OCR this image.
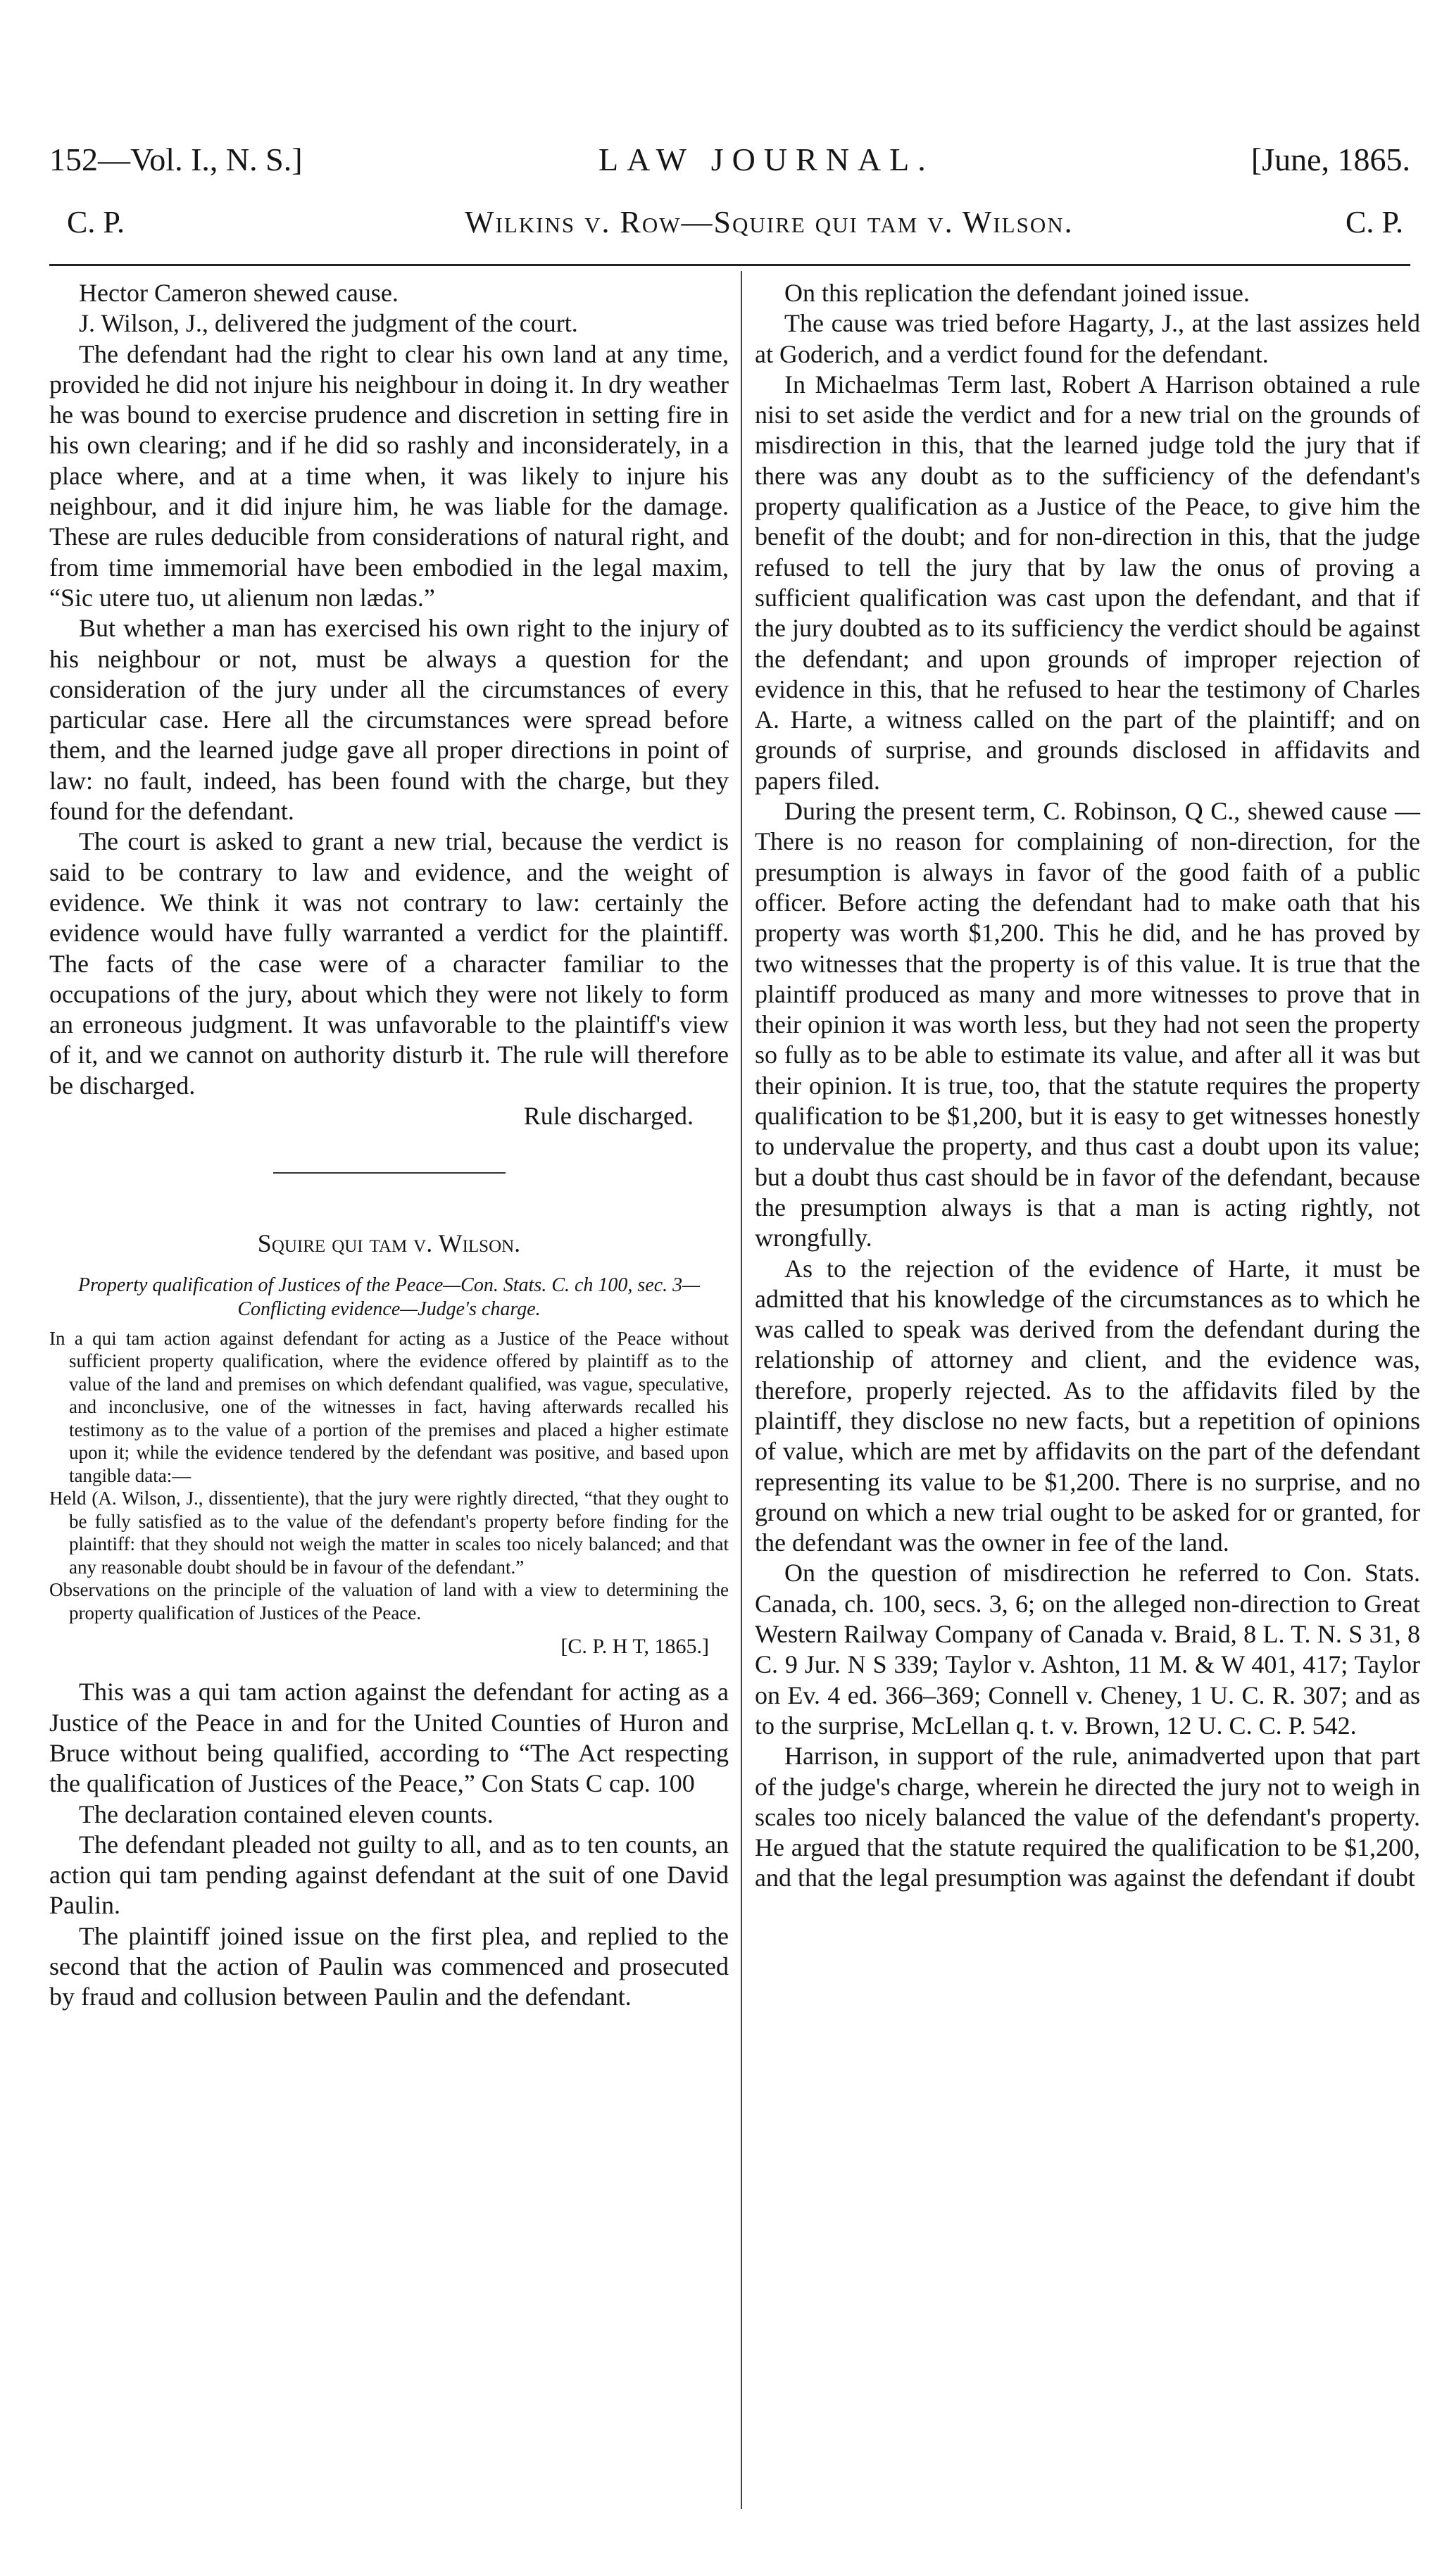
152—Vol. I., N. S.]	LAW JOURNAL.	[June, 1865.
C. P.	Wilkins v. Row—Squire qui tam v. Wilson.	C. P.

Hector Cameron shewed cause.

J. Wilson, J., delivered the judgment of the court.

The defendant had the right to clear his own land at any time, provided he did not injure his neighbour in doing it. In dry weather he was bound to exercise prudence and discretion in setting fire in his own clearing; and if he did so rashly and inconsiderately, in a place where, and at a time when, it was likely to injure his neighbour, and it did injure him, he was liable for the damage. These are rules deducible from considerations of natural right, and from time immemorial have been embodied in the legal maxim, “Sic utere tuo, ut alienum non lædas.”

But whether a man has exercised his own right to the injury of his neighbour or not, must be always a question for the consideration of the jury under all the circumstances of every particular case. Here all the circumstances were spread before them, and the learned judge gave all proper directions in point of law: no fault, indeed, has been found with the charge, but they found for the defendant.

The court is asked to grant a new trial, because the verdict is said to be contrary to law and evidence, and the weight of evidence. We think it was not contrary to law: certainly the evidence would have fully warranted a verdict for the plaintiff. The facts of the case were of a character familiar to the occupations of the jury, about which they were not likely to form an erroneous judgment. It was unfavorable to the plaintiff's view of it, and we cannot on authority disturb it. The rule will therefore be discharged.

Rule discharged.
Squire qui tam v. Wilson.
Property qualification of Justices of the Peace—Con. Stats. C. ch 100, sec. 3—Conflicting evidence—Judge's charge.

In a qui tam action against defendant for acting as a Justice of the Peace without sufficient property qualification, where the evidence offered by plaintiff as to the value of the land and premises on which defendant qualified, was vague, speculative, and inconclusive, one of the witnesses in fact, having afterwards recalled his testimony as to the value of a portion of the premises and placed a higher estimate upon it; while the evidence tendered by the defendant was positive, and based upon tangible data:—

Held (A. Wilson, J., dissentiente), that the jury were rightly directed, “that they ought to be fully satisfied as to the value of the defendant's property before finding for the plaintiff: that they should not weigh the matter in scales too nicely balanced; and that any reasonable doubt should be in favour of the defendant.”

Observations on the principle of the valuation of land with a view to determining the property qualification of Justices of the Peace.

[C. P. H T, 1865.]

This was a qui tam action against the defendant for acting as a Justice of the Peace in and for the United Counties of Huron and Bruce without being qualified, according to “The Act respecting the qualification of Justices of the Peace,” Con Stats C cap. 100

The declaration contained eleven counts.

The defendant pleaded not guilty to all, and as to ten counts, an action qui tam pending against defendant at the suit of one David Paulin.

The plaintiff joined issue on the first plea, and replied to the second that the action of Paulin was commenced and prosecuted by fraud and collusion between Paulin and the defendant.

On this replication the defendant joined issue.

The cause was tried before Hagarty, J., at the last assizes held at Goderich, and a verdict found for the defendant.

In Michaelmas Term last, Robert A Harrison obtained a rule nisi to set aside the verdict and for a new trial on the grounds of misdirection in this, that the learned judge told the jury that if there was any doubt as to the sufficiency of the defendant's property qualification as a Justice of the Peace, to give him the benefit of the doubt; and for non-direction in this, that the judge refused to tell the jury that by law the onus of proving a sufficient qualification was cast upon the defendant, and that if the jury doubted as to its sufficiency the verdict should be against the defendant; and upon grounds of improper rejection of evidence in this, that he refused to hear the testimony of Charles A. Harte, a witness called on the part of the plaintiff; and on grounds of surprise, and grounds disclosed in affidavits and papers filed.

During the present term, C. Robinson, Q C., shewed cause —There is no reason for complaining of non-direction, for the presumption is always in favor of the good faith of a public officer. Before acting the defendant had to make oath that his property was worth $1,200. This he did, and he has proved by two witnesses that the property is of this value. It is true that the plaintiff produced as many and more witnesses to prove that in their opinion it was worth less, but they had not seen the property so fully as to be able to estimate its value, and after all it was but their opinion. It is true, too, that the statute requires the property qualification to be $1,200, but it is easy to get witnesses honestly to undervalue the property, and thus cast a doubt upon its value; but a doubt thus cast should be in favor of the defendant, because the presumption always is that a man is acting rightly, not wrongfully.

As to the rejection of the evidence of Harte, it must be admitted that his knowledge of the circumstances as to which he was called to speak was derived from the defendant during the relationship of attorney and client, and the evidence was, therefore, properly rejected. As to the affidavits filed by the plaintiff, they disclose no new facts, but a repetition of opinions of value, which are met by affidavits on the part of the defendant representing its value to be $1,200. There is no surprise, and no ground on which a new trial ought to be asked for or granted, for the defendant was the owner in fee of the land.

On the question of misdirection he referred to Con. Stats. Canada, ch. 100, secs. 3, 6; on the alleged non-direction to Great Western Railway Company of Canada v. Braid, 8 L. T. N. S 31, 8 C. 9 Jur. N S 339; Taylor v. Ashton, 11 M. & W 401, 417; Taylor on Ev. 4 ed. 366–369; Connell v. Cheney, 1 U. C. R. 307; and as to the surprise, McLellan q. t. v. Brown, 12 U. C. C. P. 542.

Harrison, in support of the rule, animadverted upon that part of the judge's charge, wherein he directed the jury not to weigh in scales too nicely balanced the value of the defendant's property. He argued that the statute required the qualification to be $1,200, and that the legal presumption was against the defendant if doubt
